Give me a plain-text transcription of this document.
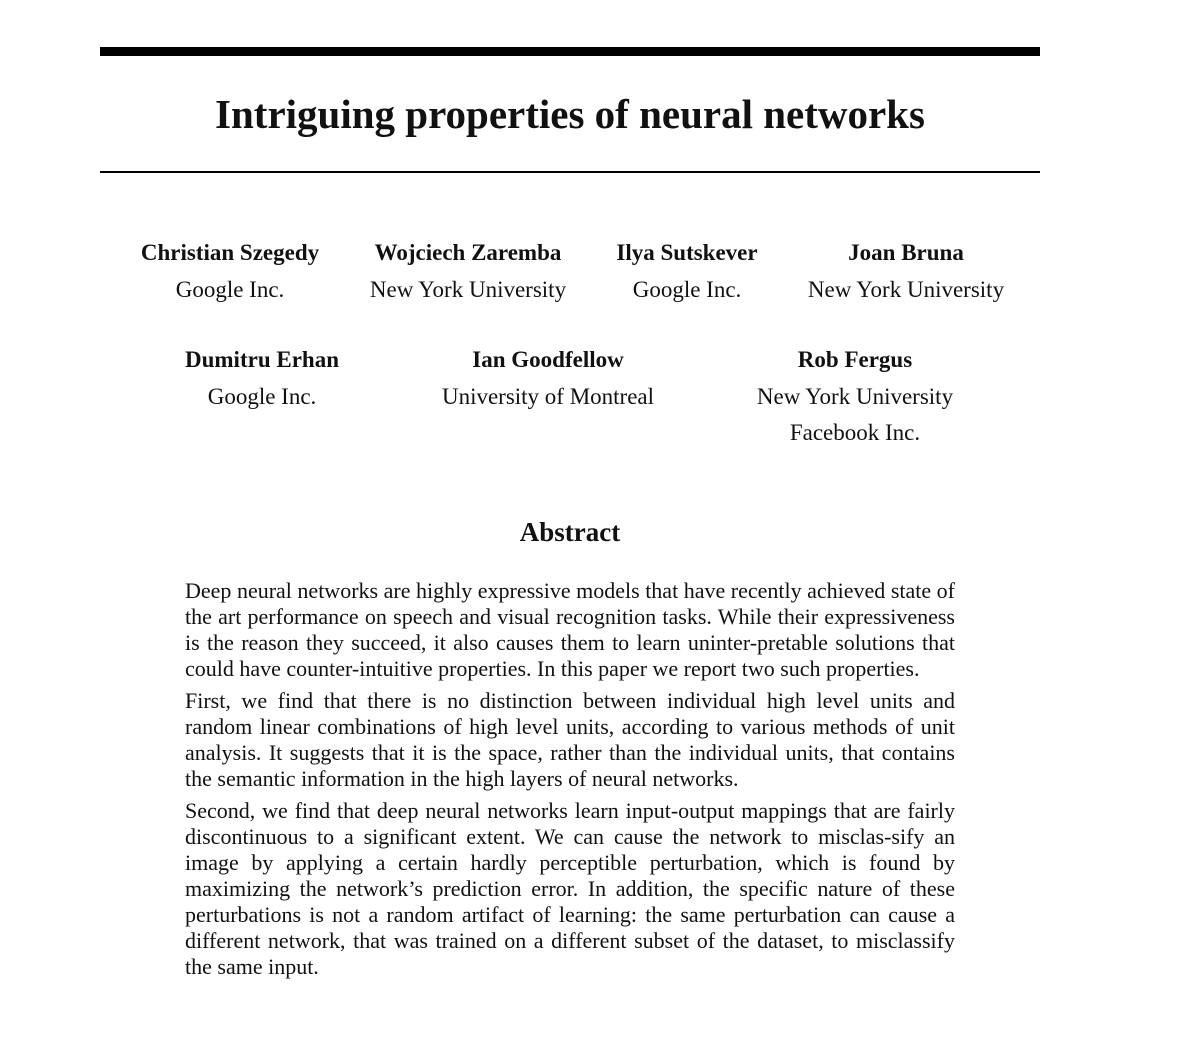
Intriguing properties of neural networks
Christian Szegedy
Google Inc.
Wojciech Zaremba
New York University
Ilya Sutskever
Google Inc.
Joan Bruna
New York University
Dumitru Erhan
Google Inc.
Ian Goodfellow
University of Montreal
Rob Fergus
New York University
Facebook Inc.
Abstract

Deep neural networks are highly expressive models that have recently achieved state of the art performance on speech and visual recognition tasks. While their expressiveness is the reason they succeed, it also causes them to learn uninter-pretable solutions that could have counter-intuitive properties. In this paper we report two such properties.

First, we find that there is no distinction between individual high level units and random linear combinations of high level units, according to various methods of unit analysis. It suggests that it is the space, rather than the individual units, that contains the semantic information in the high layers of neural networks.

Second, we find that deep neural networks learn input-output mappings that are fairly discontinuous to a significant extent. We can cause the network to misclas-sify an image by applying a certain hardly perceptible perturbation, which is found by maximizing the network’s prediction error. In addition, the specific nature of these perturbations is not a random artifact of learning: the same perturbation can cause a different network, that was trained on a different subset of the dataset, to misclassify the same input.
